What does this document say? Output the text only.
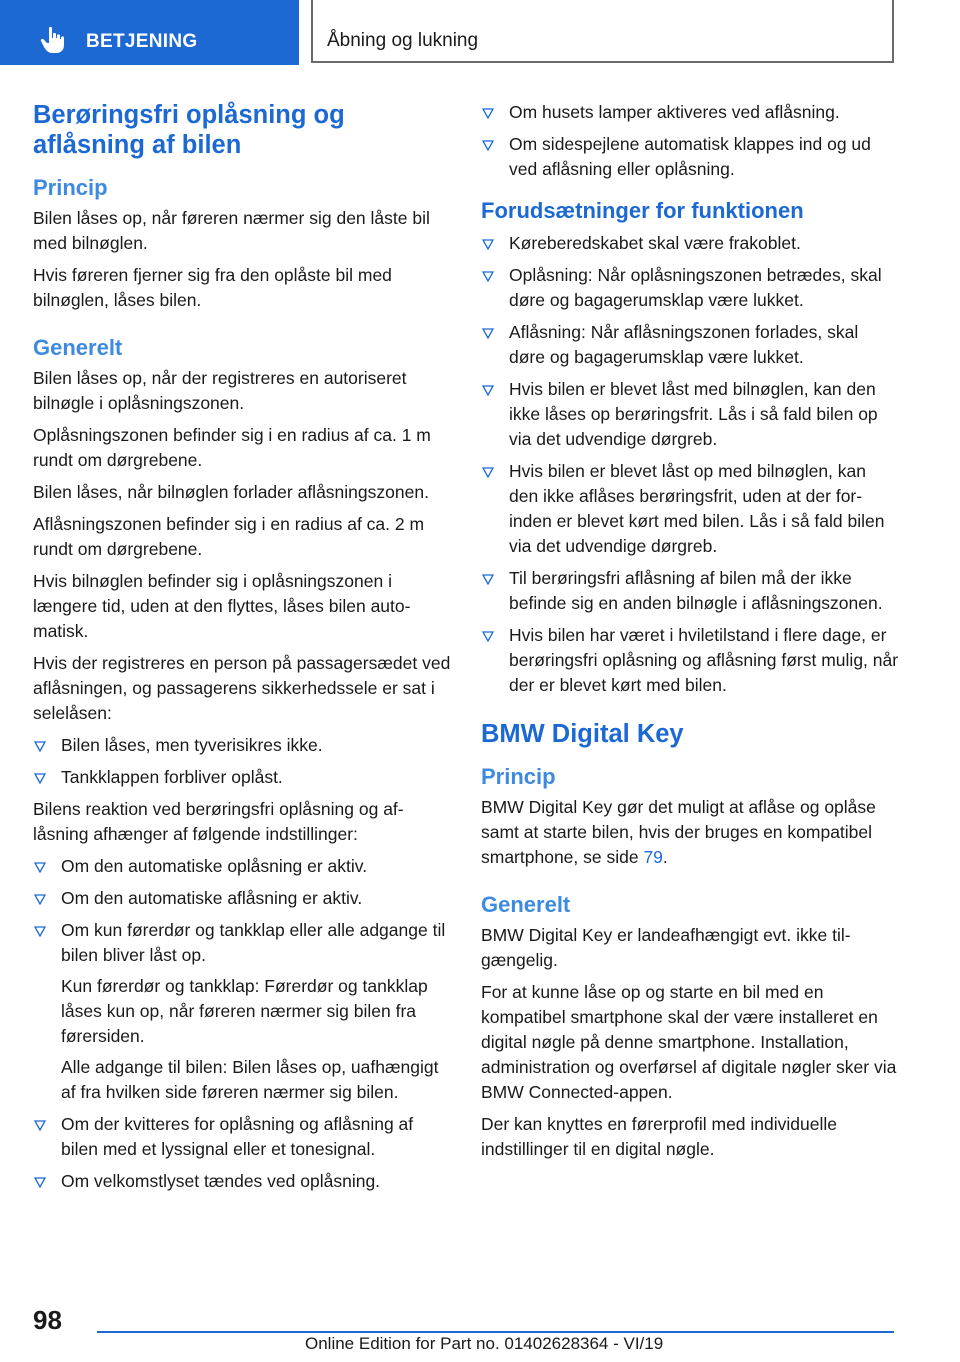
BETJENING	Åbning og lukning
Berøringsfri oplåsning og aflåsning af bilen
Princip

Bilen låses op, når føreren nærmer sig den låste bil med bilnøglen.

Hvis føreren fjerner sig fra den oplåste bil med bilnøglen, låses bilen.

Generelt

Bilen låses op, når der registreres en autoriseret bilnøgle i oplåsningszonen.

Oplåsningszonen befinder sig i en radius af ca. 1 m rundt om dørgrebene.

Bilen låses, når bilnøglen forlader aflåsningszonen.

Aflåsningszonen befinder sig i en radius af ca. 2 m rundt om dørgrebene.

Hvis bilnøglen befinder sig i oplåsningszonen i længere tid, uden at den flyttes, låses bilen automatisk.

Hvis der registreres en person på passagersædet ved aflåsningen, og passagerens sikkerhedssele er sat i selelåsen:

Bilen låses, men tyverisikres ikke.
Tankklappen forbliver oplåst.

Bilens reaktion ved berøringsfri oplåsning og aflåsning afhænger af følgende indstillinger:

Om den automatiske oplåsning er aktiv.
Om den automatiske aflåsning er aktiv.
Om kun førerdør og tankklap eller alle adgange til bilen bliver låst op.

Kun førerdør og tankklap: Førerdør og tankklap låses kun op, når føreren nærmer sig bilen fra førersiden.

Alle adgange til bilen: Bilen låses op, uafhængigt af fra hvilken side føreren nærmer sig bilen.

Om der kvitteres for oplåsning og aflåsning af bilen med et lyssignal eller et tonesignal.
Om velkomstlyset tændes ved oplåsning.
Om husets lamper aktiveres ved aflåsning.
Om sidespejlene automatisk klappes ind og ud ved aflåsning eller oplåsning.
Forudsætninger for funktionen
Køreberedskabet skal være frakoblet.
Oplåsning: Når oplåsningszonen betrædes, skal døre og bagagerumsklap være lukket.
Aflåsning: Når aflåsningszonen forlades, skal døre og bagagerumsklap være lukket.
Hvis bilen er blevet låst med bilnøglen, kan den ikke låses op berøringsfrit. Lås i så fald bilen op via det udvendige dørgreb.
Hvis bilen er blevet låst op med bilnøglen, kan den ikke aflåses berøringsfrit, uden at der forinden er blevet kørt med bilen. Lås i så fald bilen via det udvendige dørgreb.
Til berøringsfri aflåsning af bilen må der ikke befinde sig en anden bilnøgle i aflåsningszonen.
Hvis bilen har været i hviletilstand i flere dage, er berøringsfri oplåsning og aflåsning først mulig, når der er blevet kørt med bilen.
BMW Digital Key
Princip

BMW Digital Key gør det muligt at aflåse og oplåse samt at starte bilen, hvis der bruges en kompatibel smartphone, se side 79.

Generelt

BMW Digital Key er landeafhængigt evt. ikke tilgængelig.

For at kunne låse op og starte en bil med en kompatibel smartphone skal der være installeret en digital nøgle på denne smartphone. Installation, administration og overførsel af digitale nøgler sker via BMW Connected-appen.

Der kan knyttes en førerprofil med individuelle indstillinger til en digital nøgle.

98
Online Edition for Part no. 01402628364 - VI/19
